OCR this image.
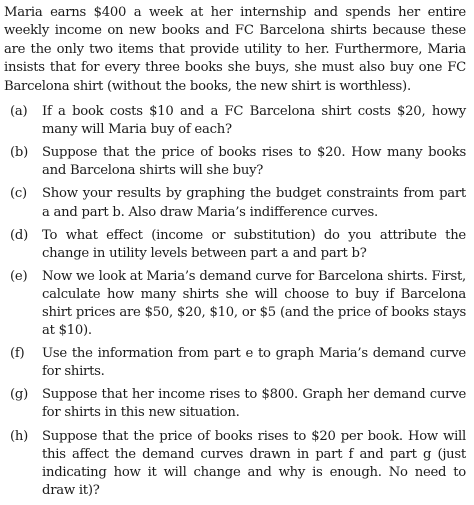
Maria earns $400 a week at her internship and spends her entire weekly income on new books and FC Barcelona shirts because these are the only two items that provide utility to her. Furthermore, Maria insists that for every three books she buys, she must also buy one FC Barcelona shirt (without the books, the new shirt is worthless).

(a)	If a book costs $10 and a FC Barcelona shirt costs $20, howy many will Maria buy of each?
(b)	Suppose that the price of books rises to $20. How many books and Barcelona shirts will she buy?
(c)	Show your results by graphing the budget constraints from part a and part b. Also draw Maria’s indifference curves.
(d)	To what effect (income or substitution) do you attribute the change in utility levels between part a and part b?
(e)	Now we look at Maria’s demand curve for Barcelona shirts. First, calculate how many shirts she will choose to buy if Barcelona shirt prices are $50, $20, $10, or $5 (and the price of books stays at $10).
(f)	Use the information from part e to graph Maria’s demand curve for shirts.
(g)	Suppose that her income rises to $800. Graph her demand curve for shirts in this new situation.
(h)	Suppose that the price of books rises to $20 per book. How will this affect the demand curves drawn in part f and part g (just indicating how it will change and why is enough. No need to draw it)?
